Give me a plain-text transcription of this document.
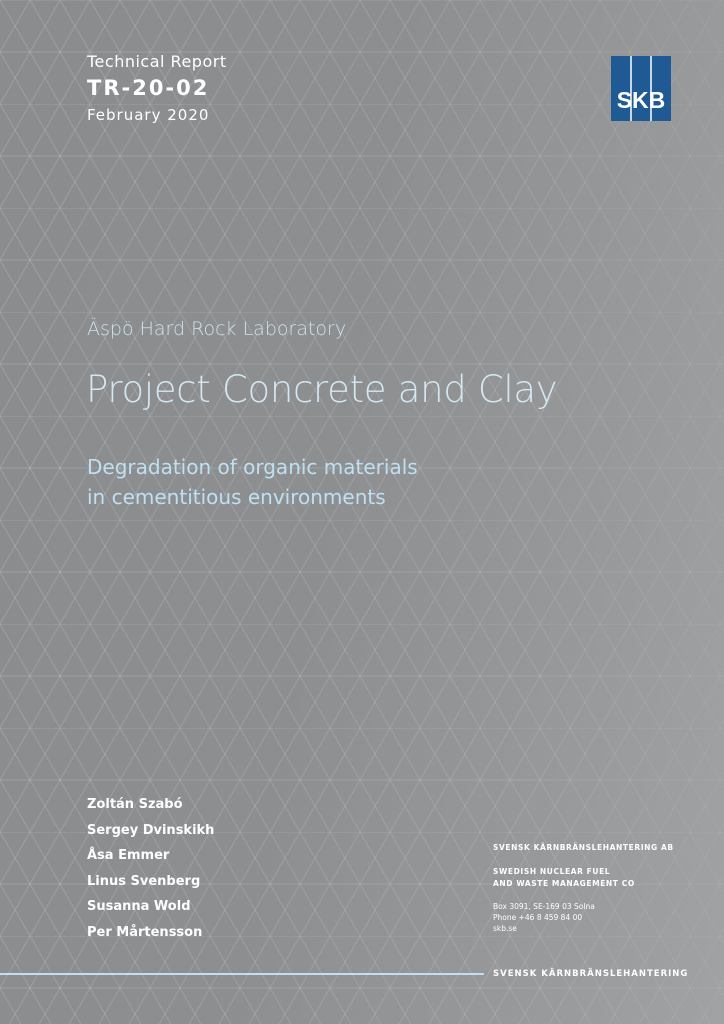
Technical Report
TR-20-02
February 2020
SKB
Äspö Hard Rock Laboratory
Project Concrete and Clay
Degradation of organic materials
in cementitious environments
Zoltán Szabó
Sergey Dvinskikh
Åsa Emmer
Linus Svenberg
Susanna Wold
Per Mårtensson
SVENSK KÄRNBRÄNSLEHANTERING AB
SWEDISH NUCLEAR FUEL
AND WASTE MANAGEMENT CO
Box 3091, SE-169 03 Solna
Phone +46 8 459 84 00
skb.se
SVENSK KÄRNBRÄNSLEHANTERING
